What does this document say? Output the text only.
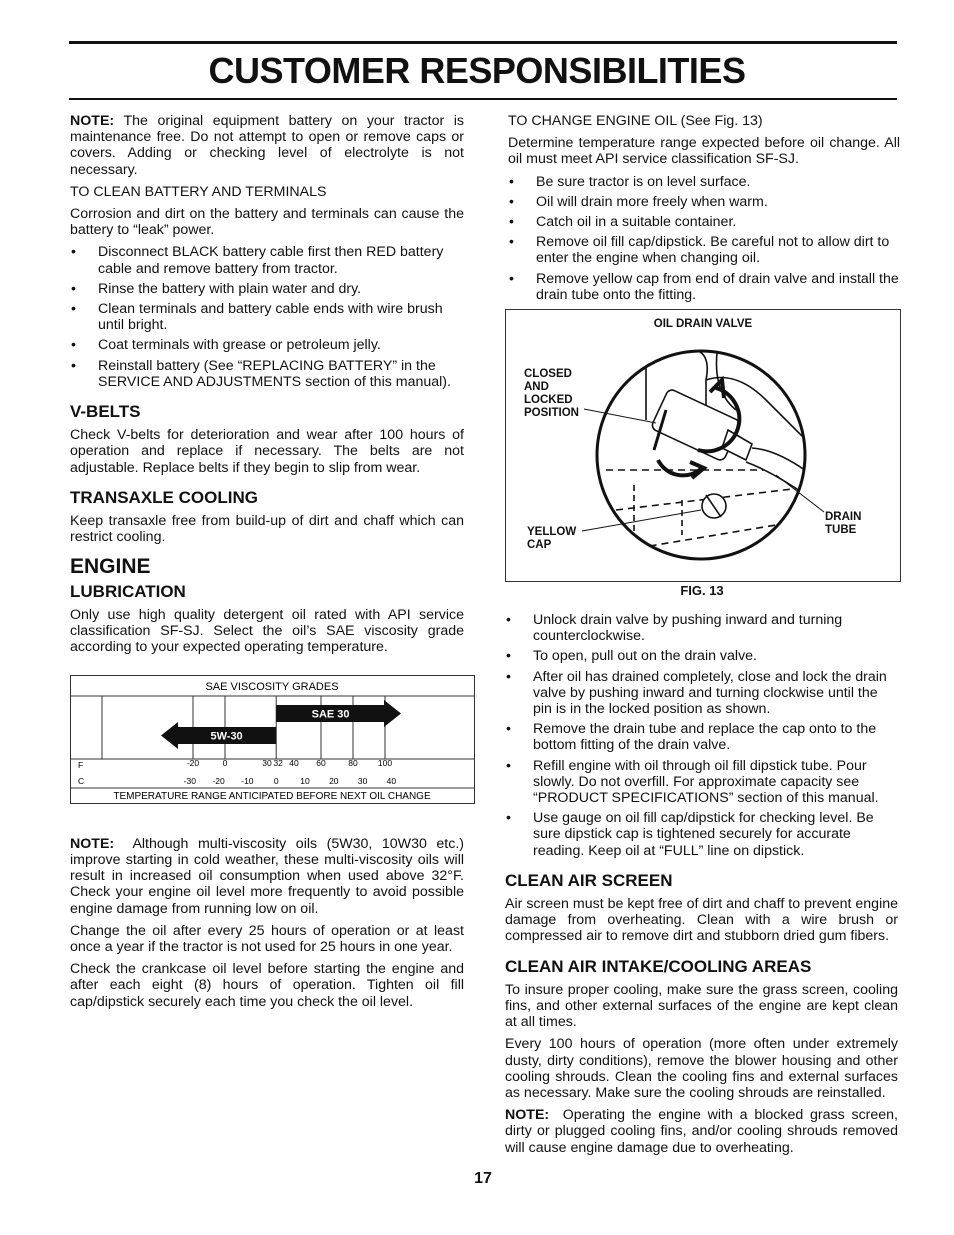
CUSTOMER RESPONSIBILITIES

NOTE: The original equipment battery on your tractor is maintenance free. Do not attempt to open or remove caps or covers. Adding or checking level of electrolyte is not necessary.

TO CLEAN BATTERY AND TERMINALS

Corrosion and dirt on the battery and terminals can cause the battery to “leak” power.

• Disconnect BLACK battery cable first then RED battery cable and remove battery from tractor.
• Rinse the battery with plain water and dry.
• Clean terminals and battery cable ends with wire brush until bright.
• Coat terminals with grease or petroleum jelly.
• Reinstall battery (See “REPLACING BATTERY” in the SERVICE AND ADJUSTMENTS section of this manual).
V-BELTS

Check V-belts for deterioration and wear after 100 hours of operation and replace if necessary. The belts are not adjustable. Replace belts if they begin to slip from wear.

TRANSAXLE COOLING

Keep transaxle free from build-up of dirt and chaff which can restrict cooling.

ENGINE
LUBRICATION

Only use high quality detergent oil rated with API service classification SF-SJ. Select the oil’s SAE viscosity grade according to your expected operating temperature.

SAE VISCOSITY GRADES
TEMPERATURE RANGE ANTICIPATED BEFORE NEXT OIL CHANGE
F
C
5W-30
SAE 30
-20	0	30 32 40 60	80 100
-30 -20 -10 0	10 20 30 40

NOTE: Although multi-viscosity oils (5W30, 10W30 etc.) improve starting in cold weather, these multi-viscosity oils will result in increased oil consumption when used above 32°F. Check your engine oil level more frequently to avoid possible engine damage from running low on oil.

Change the oil after every 25 hours of operation or at least once a year if the tractor is not used for 25 hours in one year.

Check the crankcase oil level before starting the engine and after each eight (8) hours of operation. Tighten oil fill cap/dipstick securely each time you check the oil level.

TO CHANGE ENGINE OIL (See Fig. 13)

Determine temperature range expected before oil change. All oil must meet API service classification SF-SJ.

• Be sure tractor is on level surface.
• Oil will drain more freely when warm.
• Catch oil in a suitable container.
• Remove oil fill cap/dipstick. Be careful not to allow dirt to enter the engine when changing oil.
• Remove yellow cap from end of drain valve and install the drain tube onto the fitting.
OIL DRAIN VALVE
CLOSED AND LOCKED POSITION
YELLOW CAP
DRAIN TUBE
FIG. 13
• Unlock drain valve by pushing inward and turning counterclockwise.
• To open, pull out on the drain valve.
• After oil has drained completely, close and lock the drain valve by pushing inward and turning clockwise until the pin is in the locked position as shown.
• Remove the drain tube and replace the cap onto to the bottom fitting of the drain valve.
• Refill engine with oil through oil fill dipstick tube. Pour slowly. Do not overfill. For approximate capacity see “PRODUCT SPECIFICATIONS” section of this manual.
• Use gauge on oil fill cap/dipstick for checking level. Be sure dipstick cap is tightened securely for accurate reading. Keep oil at “FULL” line on dipstick.
CLEAN AIR SCREEN

Air screen must be kept free of dirt and chaff to prevent engine damage from overheating. Clean with a wire brush or compressed air to remove dirt and stubborn dried gum fibers.

CLEAN AIR INTAKE/COOLING AREAS

To insure proper cooling, make sure the grass screen, cooling fins, and other external surfaces of the engine are kept clean at all times.

Every 100 hours of operation (more often under extremely dusty, dirty conditions), remove the blower housing and other cooling shrouds. Clean the cooling fins and external surfaces as necessary. Make sure the cooling shrouds are reinstalled.

NOTE: Operating the engine with a blocked grass screen, dirty or plugged cooling fins, and/or cooling shrouds removed will cause engine damage due to overheating.

17
